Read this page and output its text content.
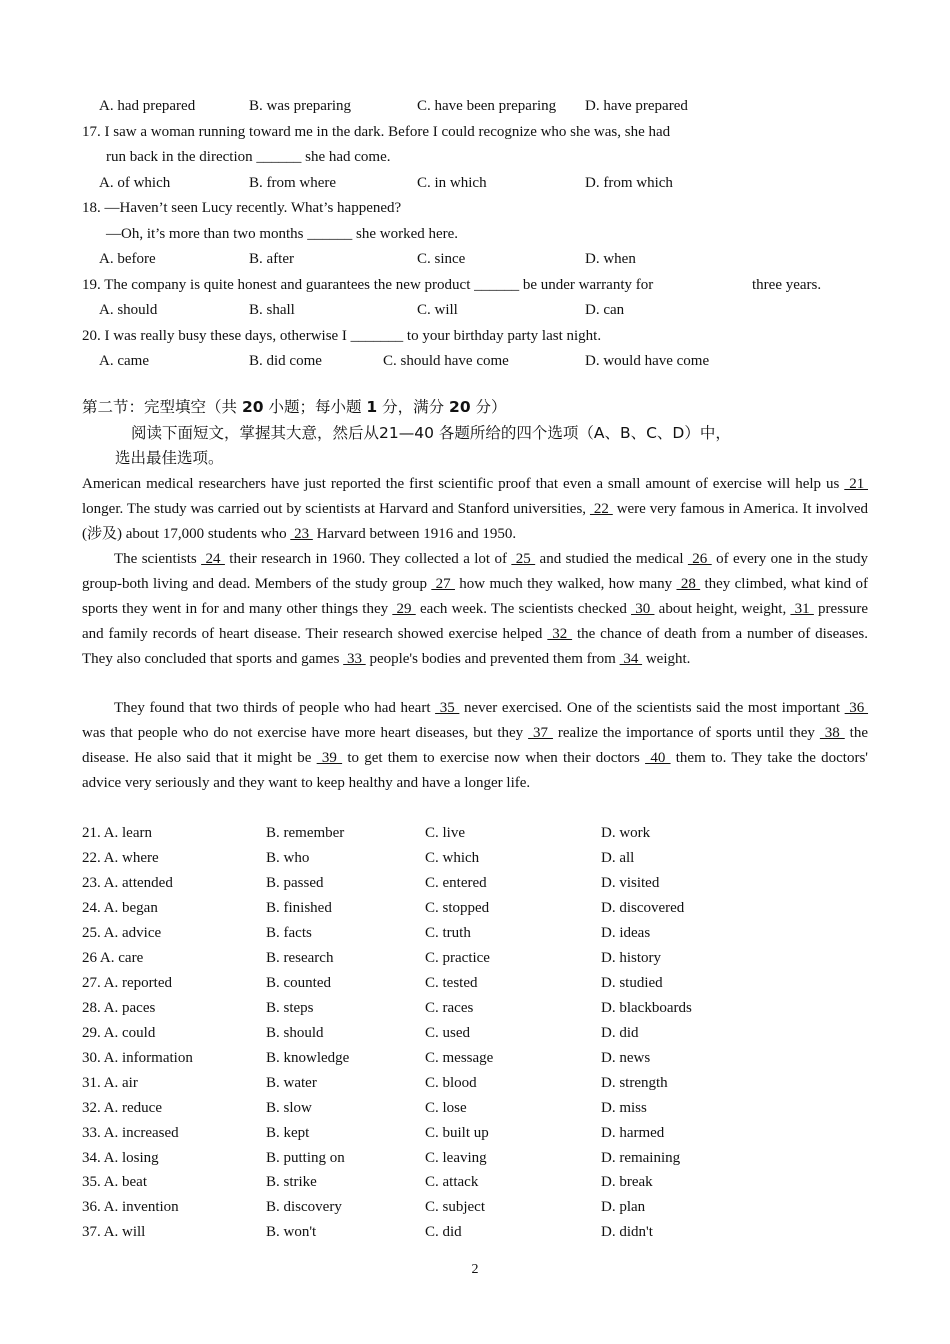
A. had prepared	B. was preparing	C. have been preparing D. have prepared
17. I saw a woman running toward me in the dark. Before I could recognize who she was, she had
run back in the direction ______ she had come.
A. of which	B. from where	C. in which	D. from which
18. —Haven’t seen Lucy recently. What’s happened?
—Oh, it’s more than two months ______ she worked here.
A. before	B. after	C. since	D. when
19. The company is quite honest and guarantees the new product ______ be under warranty for	three years.
A. should	B. shall	C. will	D. can
20. I was really busy these days, otherwise I _______ to your birthday party last night.
A. came	B. did come	C. should have come	D. would have come
第二节：完型填空（共 20 小题；每小题 1 分，满分 20 分）
阅读下面短文，掌握其大意，然后从21—40 各题所给的四个选项（A、B、C、D）中，
选出最佳选项。
American medical researchers have just reported the first scientific proof that even a small amount of exercise will help us  21  longer. The study was carried out by scientists at Harvard and Stanford universities,  22  were very famous in America. It involved (涉及) about 17,000 students who  23  Harvard between 1916 and 1950.
The scientists  24  their research in 1960. They collected a lot of  25  and studied the medical  26  of every one in the study group-both living and dead. Members of the study group  27  how much they walked, how many  28  they climbed, what kind of sports they went in for and many other things they  29  each week. The scientists checked  30  about height, weight,  31  pressure and family records of heart disease. Their research showed exercise helped  32  the chance of death from a number of diseases. They also concluded that sports and games  33  people's bodies and prevented them from  34  weight.
They found that two thirds of people who had heart  35  never exercised. One of the scientists said the most important  36  was that people who do not exercise have more heart diseases, but they  37  realize the importance of sports until they  38  the disease. He also said that it might be  39  to get them to exercise now when their doctors  40  them to. They take the doctors' advice very seriously and they want to keep healthy and have a longer life.
21. A. learn	B. remember	C. live	D. work
22. A. where	B. who	C. which	D. all
23. A. attended	B. passed	C. entered	D. visited
24. A. began	B. finished	C. stopped	D. discovered
25. A. advice	B. facts	C. truth	D. ideas
26 A. care	B. research	C. practice	D. history
27. A. reported	B. counted	C. tested	D. studied
28. A. paces	B. steps	C. races	D. blackboards
29. A. could	B. should	C. used	D. did
30. A. information	B. knowledge	C. message	D. news
31. A. air	B. water	C. blood	D. strength
32. A. reduce	B. slow	C. lose	D. miss
33. A. increased	B. kept	C. built up	D. harmed
34. A. losing	B. putting on	C. leaving	D. remaining
35. A. beat	B. strike	C. attack	D. break
36. A. invention	B. discovery	C. subject	D. plan
37. A. will	B. won't	C. did	D. didn't
2
